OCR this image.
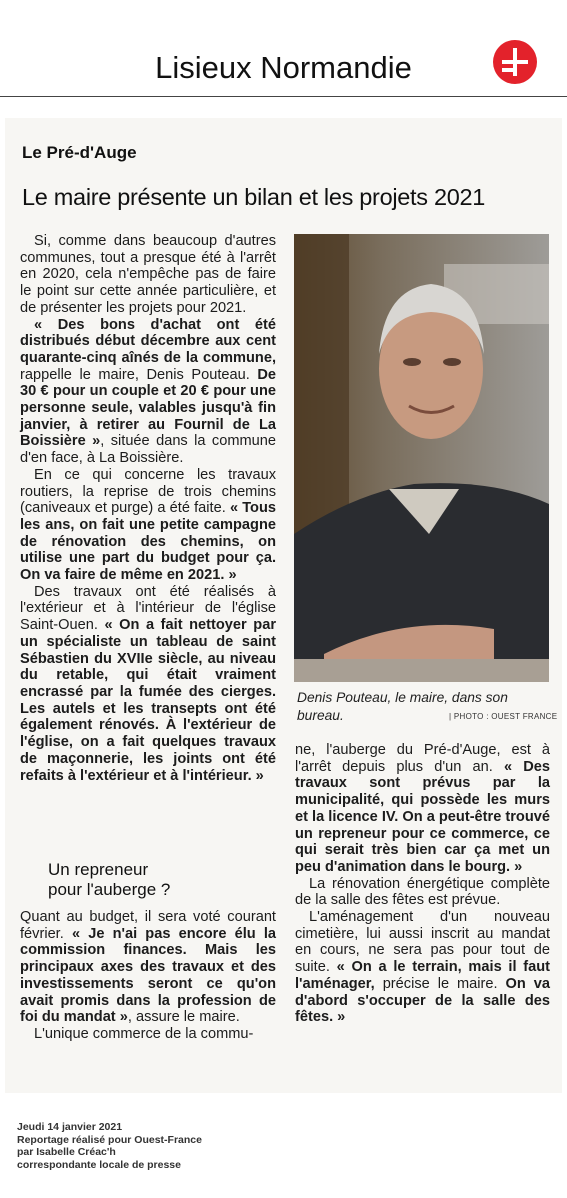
Lisieux Normandie
Le Pré-d'Auge
Le maire présente un bilan et les projets 2021

Si, comme dans beaucoup d'autres communes, tout a presque été à l'arrêt en 2020, cela n'empêche pas de faire le point sur cette année particulière, et de présenter les projets pour 2021.

« Des bons d'achat ont été distribués début décembre aux cent quarante-cinq aînés de la commune, rappelle le maire, Denis Pouteau. De 30 € pour un couple et 20 € pour une personne seule, valables jusqu'à fin janvier, à retirer au Fournil de La Boissière », située dans la commune d'en face, à La Boissière.

En ce qui concerne les travaux routiers, la reprise de trois chemins (caniveaux et purge) a été faite. « Tous les ans, on fait une petite campagne de rénovation des chemins, on utilise une part du budget pour ça. On va faire de même en 2021. »

Des travaux ont été réalisés à l'extérieur et à l'intérieur de l'église Saint-Ouen. « On a fait nettoyer par un spécialiste un tableau de saint Sébastien du XVIIe siècle, au niveau du retable, qui était vraiment encrassé par la fumée des cierges. Les autels et les transepts ont été également rénovés. À l'extérieur de l'église, on a fait quelques travaux de maçonnerie, les joints ont été refaits à l'extérieur et à l'intérieur. »

Un repreneur
pour l'auberge ?

Quant au budget, il sera voté courant février. « Je n'ai pas encore élu la commission finances. Mais les principaux axes des travaux et des investissements seront ce qu'on avait promis dans la profession de foi du mandat », assure le maire.

L'unique commerce de la commu-

ne, l'auberge du Pré-d'Auge, est à l'arrêt depuis plus d'un an. « Des travaux sont prévus par la municipalité, qui possède les murs et la licence IV. On a peut-être trouvé un repreneur pour ce commerce, ce qui serait très bien car ça met un peu d'animation dans le bourg. »

La rénovation énergétique complète de la salle des fêtes est prévue.

L'aménagement d'un nouveau cimetière, lui aussi inscrit au mandat en cours, ne sera pas pour tout de suite. « On a le terrain, mais il faut l'aménager, précise le maire. On va d'abord s'occuper de la salle des fêtes. »

Denis Pouteau, le maire, dans son bureau.	| PHOTO : OUEST FRANCE
Jeudi 14 janvier 2021
Reportage réalisé pour Ouest-France
par Isabelle Créac'h
correspondante locale de presse
